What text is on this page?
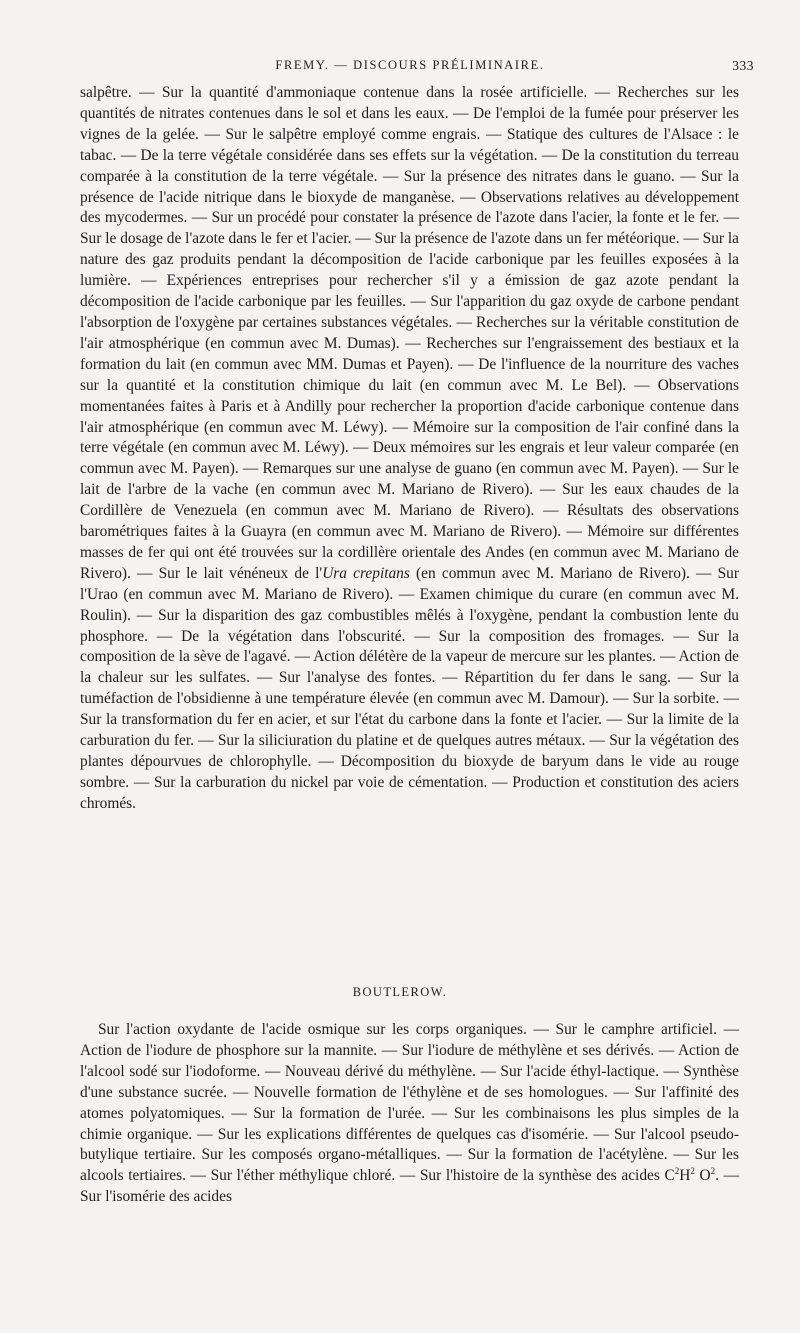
FREMY. — DISCOURS PRÉLIMINAIRE.	333

salpêtre. — Sur la quantité d'ammoniaque contenue dans la rosée artificielle. — Recherches sur les quantités de nitrates contenues dans le sol et dans les eaux. — De l'emploi de la fumée pour préserver les vignes de la gelée. — Sur le salpêtre employé comme engrais. — Statique des cultures de l'Alsace : le tabac. — De la terre végétale considérée dans ses effets sur la végétation. — De la constitution du terreau comparée à la constitution de la terre végétale. — Sur la présence des nitrates dans le guano. — Sur la présence de l'acide nitrique dans le bioxyde de manganèse. — Observations relatives au développement des mycodermes. — Sur un procédé pour constater la présence de l'azote dans l'acier, la fonte et le fer. — Sur le dosage de l'azote dans le fer et l'acier. — Sur la présence de l'azote dans un fer météorique. — Sur la nature des gaz produits pendant la décomposition de l'acide carbonique par les feuilles exposées à la lumière. — Expériences entreprises pour rechercher s'il y a émission de gaz azote pendant la décomposition de l'acide carbonique par les feuilles. — Sur l'apparition du gaz oxyde de carbone pendant l'absorption de l'oxygène par certaines substances végétales. — Recherches sur la véritable constitution de l'air atmosphérique (en commun avec M. Dumas). — Recherches sur l'engraissement des bestiaux et la formation du lait (en commun avec MM. Dumas et Payen). — De l'influence de la nourriture des vaches sur la quantité et la constitution chimique du lait (en commun avec M. Le Bel). — Observations momentanées faites à Paris et à Andilly pour rechercher la proportion d'acide carbonique contenue dans l'air atmosphérique (en commun avec M. Léwy). — Mémoire sur la composition de l'air confiné dans la terre végétale (en commun avec M. Léwy). — Deux mémoires sur les engrais et leur valeur comparée (en commun avec M. Payen). — Remarques sur une analyse de guano (en commun avec M. Payen). — Sur le lait de l'arbre de la vache (en commun avec M. Mariano de Rivero). — Sur les eaux chaudes de la Cordillère de Venezuela (en commun avec M. Mariano de Rivero). — Résultats des observations barométriques faites à la Guayra (en commun avec M. Mariano de Rivero). — Mémoire sur différentes masses de fer qui ont été trouvées sur la cordillère orientale des Andes (en commun avec M. Mariano de Rivero). — Sur le lait vénéneux de l'Ura crepitans (en commun avec M. Mariano de Rivero). — Sur l'Urao (en commun avec M. Mariano de Rivero). — Examen chimique du curare (en commun avec M. Roulin). — Sur la disparition des gaz combustibles mêlés à l'oxygène, pendant la combustion lente du phosphore. — De la végétation dans l'obscurité. — Sur la composition des fromages. — Sur la composition de la sève de l'agavé. — Action délétère de la vapeur de mercure sur les plantes. — Action de la chaleur sur les sulfates. — Sur l'analyse des fontes. — Répartition du fer dans le sang. — Sur la tuméfaction de l'obsidienne à une température élevée (en commun avec M. Damour). — Sur la sorbite. — Sur la transformation du fer en acier, et sur l'état du carbone dans la fonte et l'acier. — Sur la limite de la carburation du fer. — Sur la siliciuration du platine et de quelques autres métaux. — Sur la végétation des plantes dépourvues de chlorophylle. — Décomposition du bioxyde de baryum dans le vide au rouge sombre. — Sur la carburation du nickel par voie de cémentation. — Production et constitution des aciers chromés.

BOUTLEROW.

Sur l'action oxydante de l'acide osmique sur les corps organiques. — Sur le camphre artificiel. — Action de l'iodure de phosphore sur la mannite. — Sur l'iodure de méthylène et ses dérivés. — Action de l'alcool sodé sur l'iodoforme. — Nouveau dérivé du méthylène. — Sur l'acide éthyl-lactique. — Synthèse d'une substance sucrée. — Nouvelle formation de l'éthylène et de ses homologues. — Sur l'affinité des atomes polyatomiques. — Sur la formation de l'urée. — Sur les combinaisons les plus simples de la chimie organique. — Sur les explications différentes de quelques cas d'isomérie. — Sur l'alcool pseudo-butylique tertiaire. Sur les composés organo-métalliques. — Sur la formation de l'acétylène. — Sur les alcools tertiaires. — Sur l'éther méthylique chloré. — Sur l'histoire de la synthèse des acides $C^2H^2$ $O^2$. — Sur l'isomérie des acides
